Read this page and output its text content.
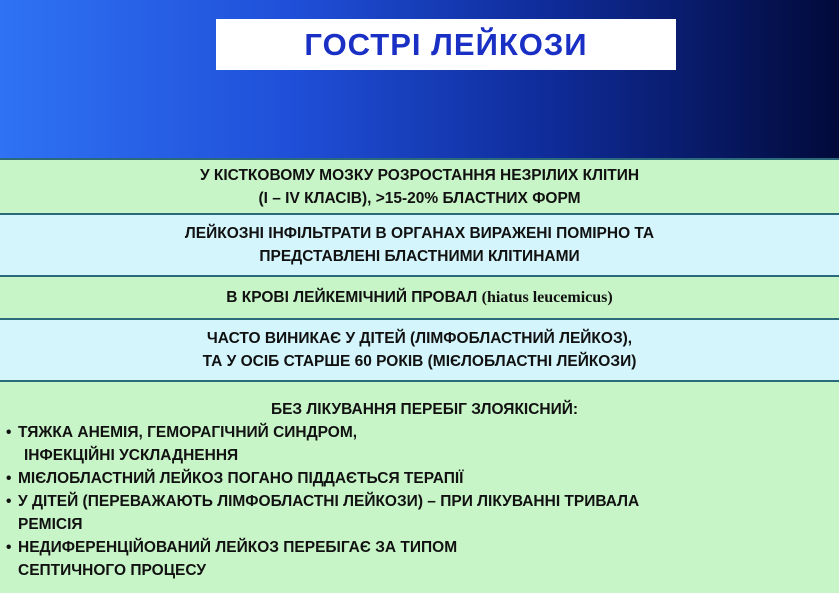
ГОСТРІ ЛЕЙКОЗИ
У КІСТКОВОМУ МОЗКУ РОЗРОСТАННЯ НЕЗРІЛИХ КЛІТИН
(І – IV КЛАСІВ), >15-20% БЛАСТНИХ ФОРМ
ЛЕЙКОЗНІ ІНФІЛЬТРАТИ В ОРГАНАХ ВИРАЖЕНІ ПОМІРНО ТА
ПРЕДСТАВЛЕНІ БЛАСТНИМИ КЛІТИНАМИ
В КРОВІ ЛЕЙКЕМІЧНИЙ ПРОВАЛ (hiatus leucemicus)
ЧАСТО ВИНИКАЄ У ДІТЕЙ (ЛІМФОБЛАСТНИЙ ЛЕЙКОЗ),
ТА У ОСІБ СТАРШЕ 60 РОКІВ (МІЄЛОБЛАСТНІ ЛЕЙКОЗИ)
БЕЗ ЛІКУВАННЯ ПЕРЕБІГ ЗЛОЯКІСНИЙ:
• ТЯЖКА АНЕМІЯ, ГЕМОРАГІЧНИЙ СИНДРОМ,
ІНФЕКЦІЙНІ УСКЛАДНЕННЯ
• МІЄЛОБЛАСТНИЙ ЛЕЙКОЗ ПОГАНО ПІДДАЄТЬСЯ ТЕРАПІЇ
• У ДІТЕЙ (ПЕРЕВАЖАЮТЬ ЛІМФОБЛАСТНІ ЛЕЙКОЗИ) – ПРИ ЛІКУВАННІ ТРИВАЛА
РЕМІСІЯ
• НЕДИФЕРЕНЦІЙОВАНИЙ ЛЕЙКОЗ ПЕРЕБІГАЄ ЗА ТИПОМ
СЕПТИЧНОГО ПРОЦЕСУ
